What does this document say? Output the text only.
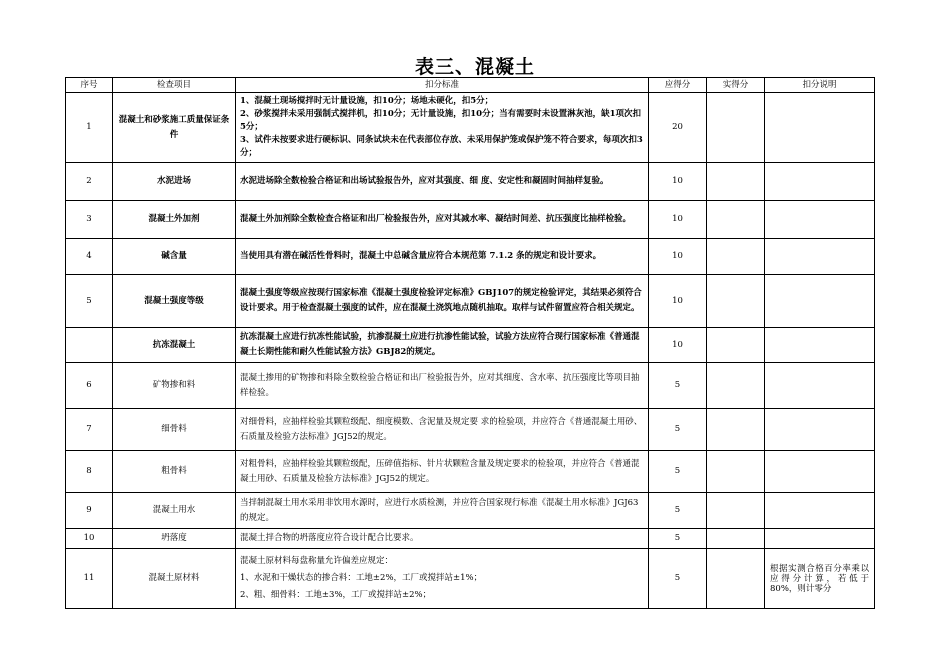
表三、混凝土
序号	检查项目	扣分标准	应得分	实得分	扣分说明
1	混凝土和砂浆施工质量保证条件	1、混凝土现场搅拌时无计量设施，扣10分；场地未硬化，扣5分；
2、砂浆搅拌未采用强制式搅拌机，扣10分；无计量设施，扣10分；当有需要时未设置淋灰池，缺1项次扣5分；
3、试件未按要求进行硬标识、同条试块未在代表部位存放、未采用保护笼或保护笼不符合要求，每项次扣3分；	20		
2	水泥进场	水泥进场除全数检验合格证和出场试验报告外，应对其强度、细 度、安定性和凝固时间抽样复验。	10		
3	混凝土外加剂	混凝土外加剂除全数检查合格证和出厂检验报告外，应对其减水率、凝结时间差、抗压强度比抽样检验。	10		
4	碱含量	当使用具有潜在碱活性骨料时，混凝土中总碱含量应符合本规范第 7.1.2 条的规定和设计要求。	10		
5	混凝土强度等级	混凝土强度等级应按现行国家标准《混凝土强度检验评定标准》GBJ107的规定检验评定，其结果必须符合设计要求。用于检查混凝土强度的试件，应在混凝土浇筑地点随机抽取。取样与试件留置应符合相关规定。	10		
	抗冻混凝土	抗冻混凝土应进行抗冻性能试验，抗渗混凝土应进行抗渗性能试验，试验方法应符合现行国家标准《普通混凝土长期性能和耐久性能试验方法》GBJ82的规定。	10		
6	矿物掺和料	混凝土掺用的矿物掺和料除全数检验合格证和出厂检验报告外，应对其细度、含水率、抗压强度比等项目抽样检验。	5		
7	细骨料	对细骨料，应抽样检验其颗粒级配、细度模数、含泥量及规定要 求的检验项，并应符合《普通混凝土用砂、石质量及检验方法标准》JGJ52的规定。	5		
8	粗骨料	对粗骨料，应抽样检验其颗粒级配，压碎值指标、针片状颗粒含量及规定要求的检验项，并应符合《普通混凝土用砂、石质量及检验方法标准》JGJ52的规定。	5		
9	混凝土用水	当拌制混凝土用水采用非饮用水源时，应进行水质检测，并应符合国家现行标准《混凝土用水标准》JGJ63的规定。	5		
10	坍落度	混凝土拌合物的坍落度应符合设计配合比要求。	5		
11	混凝土原材料	混凝土原材料每盘称量允许偏差应规定：
1、水泥和干燥状态的掺合料：工地±2%，工厂或搅拌站±1%；
2、粗、细骨料：工地±3%，工厂或搅拌站±2%；	5		根据实测合格百分率乘以应得分计算，若低于80%，则计零分
